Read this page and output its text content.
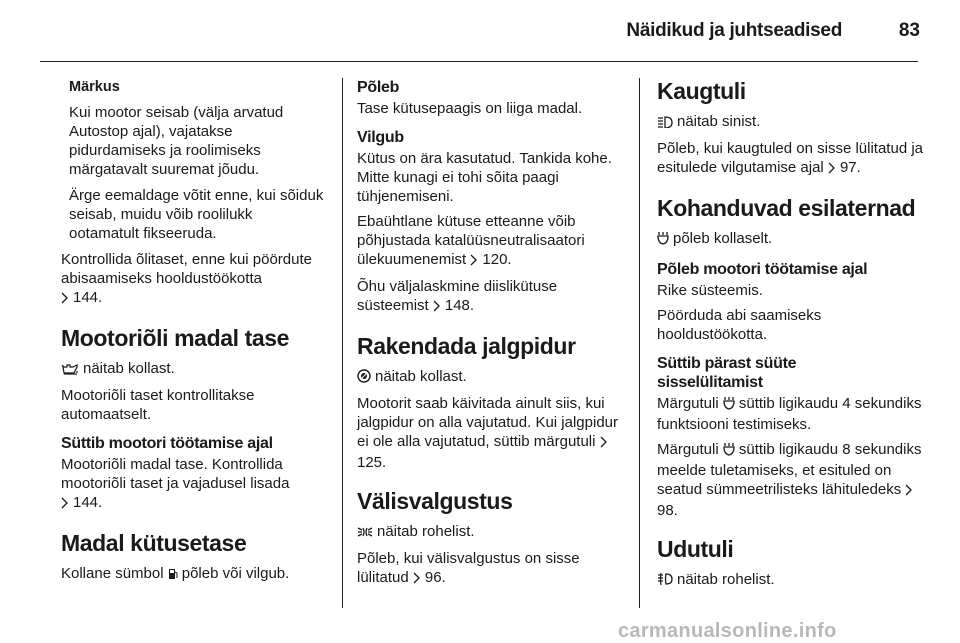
Näidikud ja juhtseadised	83

Märkus

Kui mootor seisab (välja arvatud Autostop ajal), vajatakse pidurdamiseks ja roolimiseks märgatavalt suuremat jõudu.

Ärge eemaldage võtit enne, kui sõiduk seisab, muidu võib roolilukk ootamatult fikseeruda.

Kontrollida õlitaset, enne kui pöördute abisaamiseks hooldustöökotta
144.

Mootoriõli madal tase

näitab kollast.

Mootoriõli taset kontrollitakse automaatselt.

Süttib mootori töötamise ajal

Mootoriõli madal tase. Kontrollida mootoriõli taset ja vajadusel lisada
144.

Madal kütusetase

Kollane sümbol põleb või vilgub.

Põleb

Tase kütusepaagis on liiga madal.

Vilgub

Kütus on ära kasutatud. Tankida kohe. Mitte kunagi ei tohi sõita paagi tühjenemiseni.

Ebaühtlane kütuse etteanne võib põhjustada katalüüsneutralisaatori ülekuumenemist 120.

Õhu väljalaskmine diislikütuse süsteemist 148.

Rakendada jalgpidur

näitab kollast.

Mootorit saab käivitada ainult siis, kui jalgpidur on alla vajutatud. Kui jalgpidur ei ole alla vajutatud, süttib märgutuli 125.

Välisvalgustus

näitab rohelist.

Põleb, kui välisvalgustus on sisse lülitatud 96.

Kaugtuli

näitab sinist.

Põleb, kui kaugtuled on sisse lülitatud ja esitulede vilgutamise ajal 97.

Kohanduvad esilaternad

põleb kollaselt.

Põleb mootori töötamise ajal

Rike süsteemis.

Pöörduda abi saamiseks hooldustöökotta.

Süttib pärast süüte
sisselülitamist

Märgutuli süttib ligikaudu 4 sekundiks funktsiooni testimiseks.

Märgutuli süttib ligikaudu 8 sekundiks meelde tuletamiseks, et esituled on seatud sümmeetrilisteks lähituledeks 98.

Udutuli

näitab rohelist.

carmanualsonline.info
